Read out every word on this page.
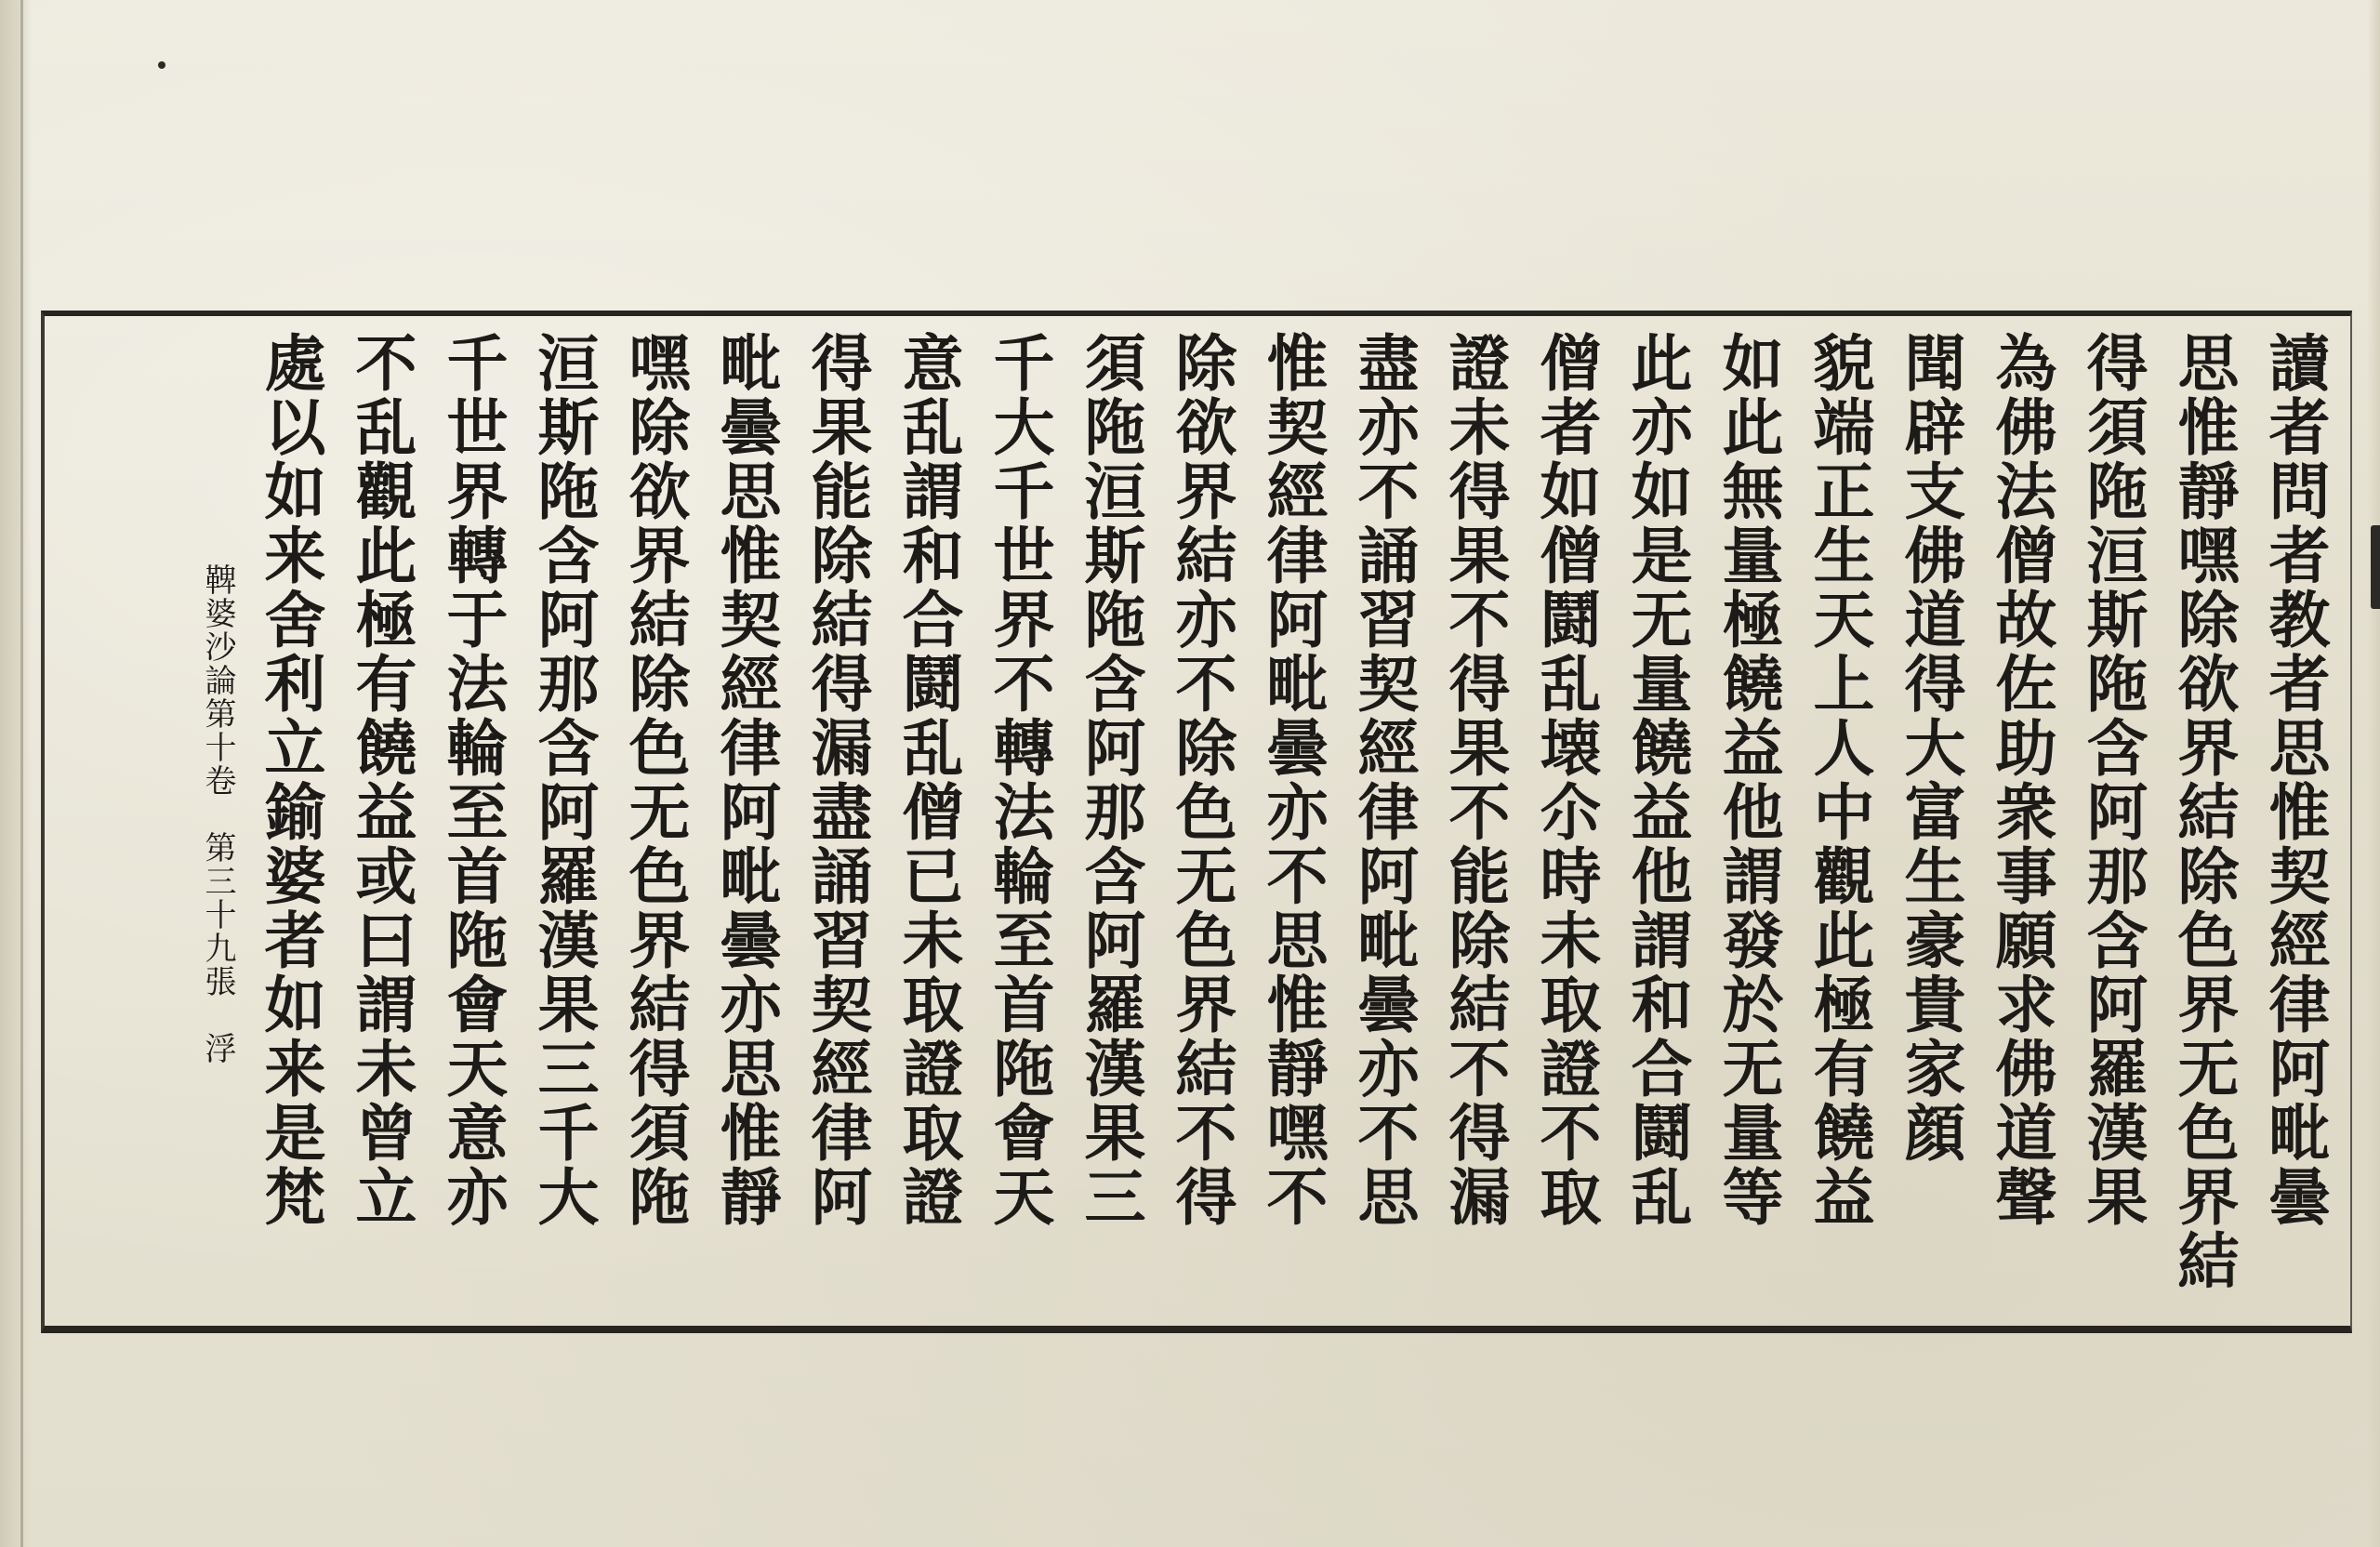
讀者問者教者思惟契經律阿毗曇
思惟靜嘿除欲界結除色界无色界結
得須陁洹斯陁含阿那含阿羅漢果
為佛法僧故佐助衆事願求佛道聲
聞辟支佛道得大富生豪貴家顔
貌端正生天上人中觀此極有饒益
如此無量極饒益他謂發於无量等
此亦如是无量饒益他謂和合鬪乱
僧者如僧鬪乱壊尒時未取證不取
證未得果不得果不能除結不得漏
盡亦不誦習契經律阿毗曇亦不思
惟契經律阿毗曇亦不思惟靜嘿不
除欲界結亦不除色无色界結不得
須陁洹斯陁含阿那含阿羅漢果三
千大千世界不轉法輪至首陁會天
意乱謂和合鬪乱僧已未取證取證
得果能除結得漏盡誦習契經律阿
毗曇思惟契經律阿毗曇亦思惟靜
嘿除欲界結除色无色界結得須陁
洹斯陁含阿那含阿羅漢果三千大
千世界轉于法輪至首陁會天意亦
不乱觀此極有饒益或曰謂未曾立
處以如来舍利立鍮婆者如来是梵
鞞婆沙論第十卷　第三十九張　浮
